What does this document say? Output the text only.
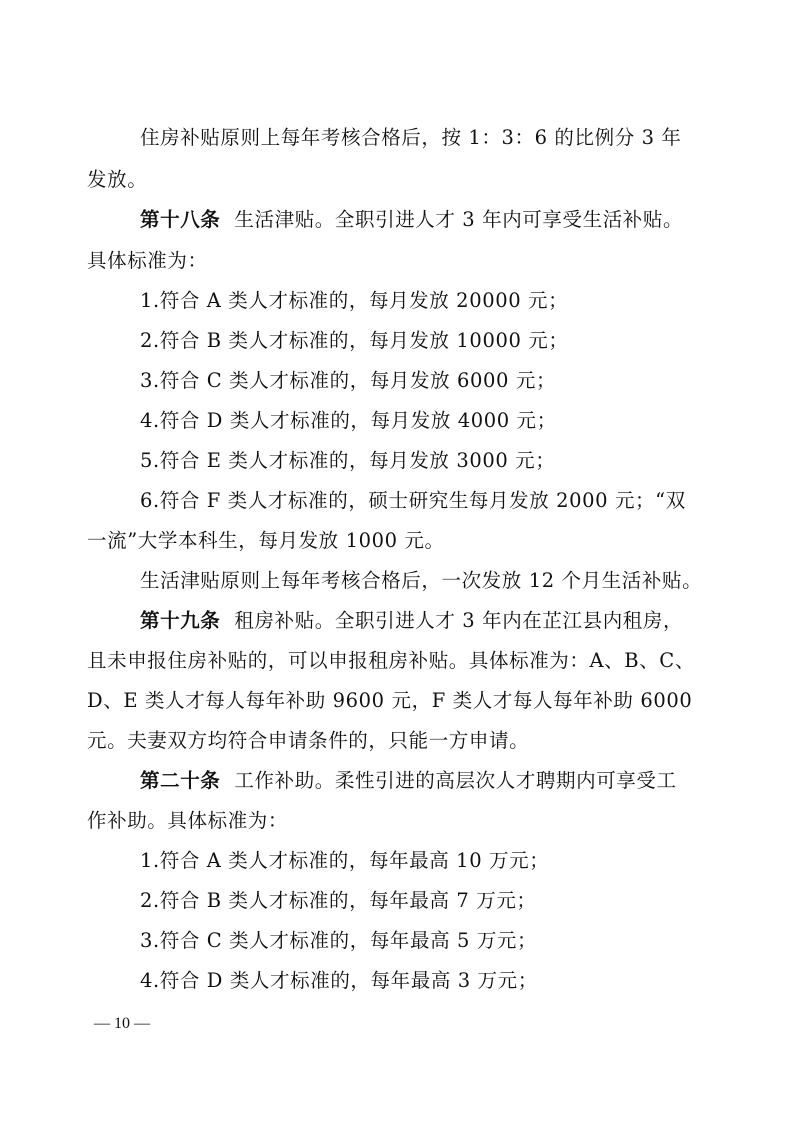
住房补贴原则上每年考核合格后，按 1：3：6 的比例分 3 年
发放。
第十八条 生活津贴。全职引进人才 3 年内可享受生活补贴。
具体标准为：
1.符合 A 类人才标准的，每月发放 20000 元；
2.符合 B 类人才标准的，每月发放 10000 元；
3.符合 C 类人才标准的，每月发放 6000 元；
4.符合 D 类人才标准的，每月发放 4000 元；
5.符合 E 类人才标准的，每月发放 3000 元；
6.符合 F 类人才标准的，硕士研究生每月发放 2000 元；“双
一流”大学本科生，每月发放 1000 元。
生活津贴原则上每年考核合格后，一次发放 12 个月生活补贴。
第十九条 租房补贴。全职引进人才 3 年内在芷江县内租房，
且未申报住房补贴的，可以申报租房补贴。具体标准为：A、B、C、
D、E 类人才每人每年补助 9600 元，F 类人才每人每年补助 6000
元。夫妻双方均符合申请条件的，只能一方申请。
第二十条 工作补助。柔性引进的高层次人才聘期内可享受工
作补助。具体标准为：
1.符合 A 类人才标准的，每年最高 10 万元；
2.符合 B 类人才标准的，每年最高 7 万元；
3.符合 C 类人才标准的，每年最高 5 万元；
4.符合 D 类人才标准的，每年最高 3 万元；
— 10 —
